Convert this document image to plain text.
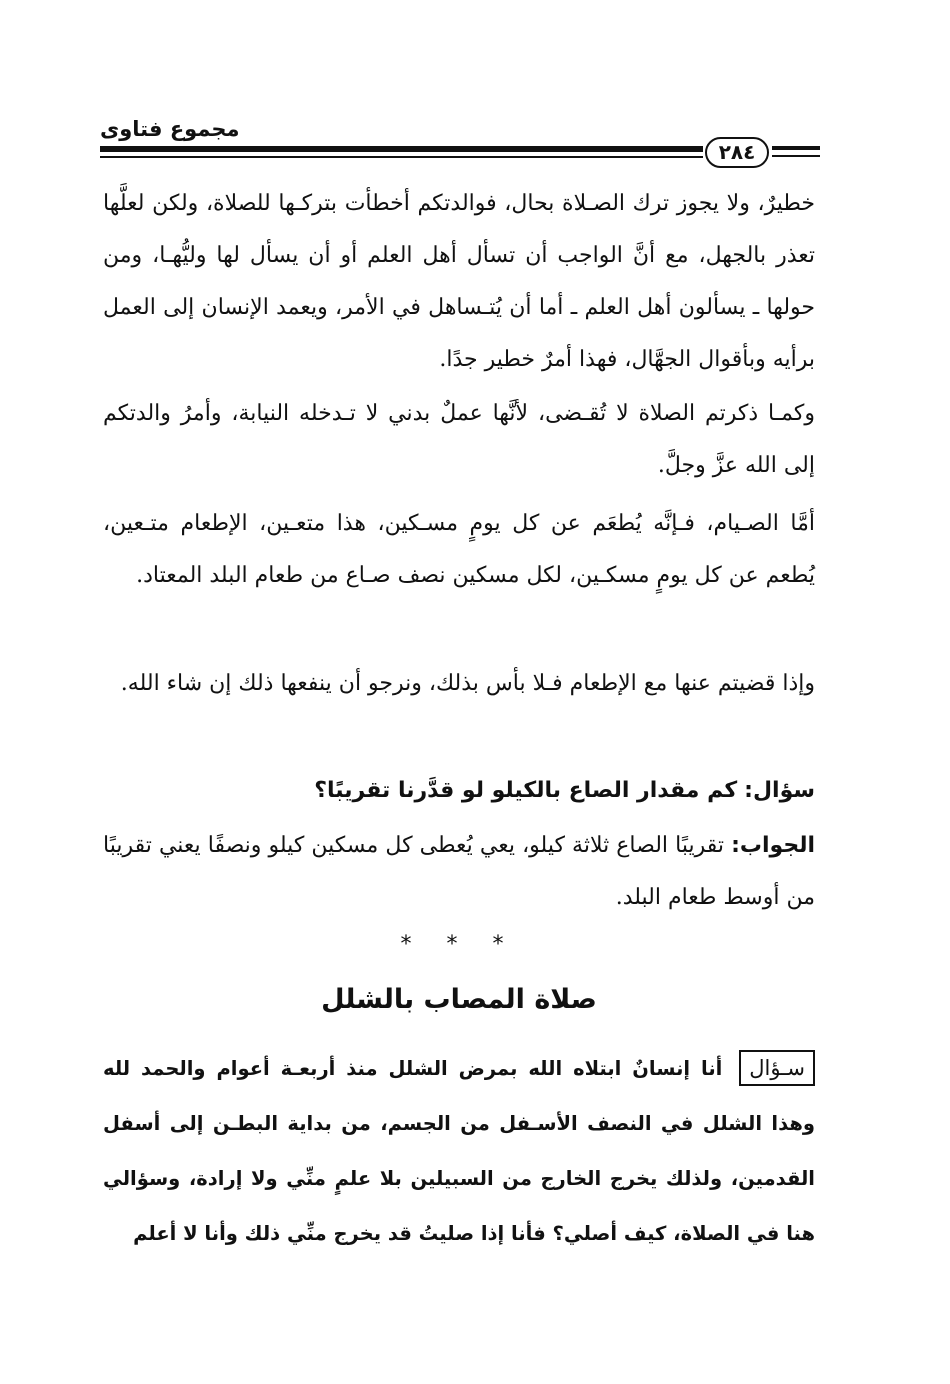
مجموع فتاوى
٢٨٤

خطيرٌ، ولا يجوز ترك الصـلاة بحال، فوالدتكم أخطأت بتركـها للصلاة، ولكن لعلَّها تعذر بالجهل، مع أنَّ الواجب أن تسأل أهل العلم أو أن يسأل لها وليُّهـا، ومن حولها ـ يسألون أهل العلم ـ أما أن يُتـساهل في الأمر، ويعمد الإنسان إلى العمل برأيه وبأقوال الجهَّال، فهذا أمرٌ خطير جدًا.

وكمـا ذكرتم الصلاة لا تُقـضى، لأنَّها عملٌ بدني لا تـدخله النيابة، وأمرُ والدتكم إلى الله عزَّ وجلَّ.

أمَّا الصـيام، فـإنَّه يُطعَم عن كل يومٍ مسـكين، هذا متعـين، الإطعام متـعين، يُطعم عن كل يومٍ مسكـين، لكل مسكين نصف صـاع من طعام البلد المعتاد.

وإذا قضيتم عنها مع الإطعام فـلا بأس بذلك، ونرجو أن ينفعها ذلك إن شاء الله.

سؤال: كم مقدار الصاع بالكيلو لو قدَّرنا تقريبًا؟

الجواب: تقريبًا الصاع ثلاثة كيلو، يعي يُعطى كل مسكين كيلو ونصفًا يعني تقريبًا من أوسط طعام البلد.

* * *
صلاة المصاب بالشلل

سـؤال أنا إنسانٌ ابتلاه الله بمرض الشلل منذ أربعـة أعوام والحمد لله وهذا الشلل في النصف الأسـفل من الجسم، من بداية البطـن إلى أسفل القدمين، ولذلك يخرج الخارج من السبيلين بلا علمٍ منِّي ولا إرادة، وسؤالي هنا في الصلاة، كيف أصلي؟ فأنا إذا صليتُ قد يخرج منِّي ذلك وأنا لا أعلم
